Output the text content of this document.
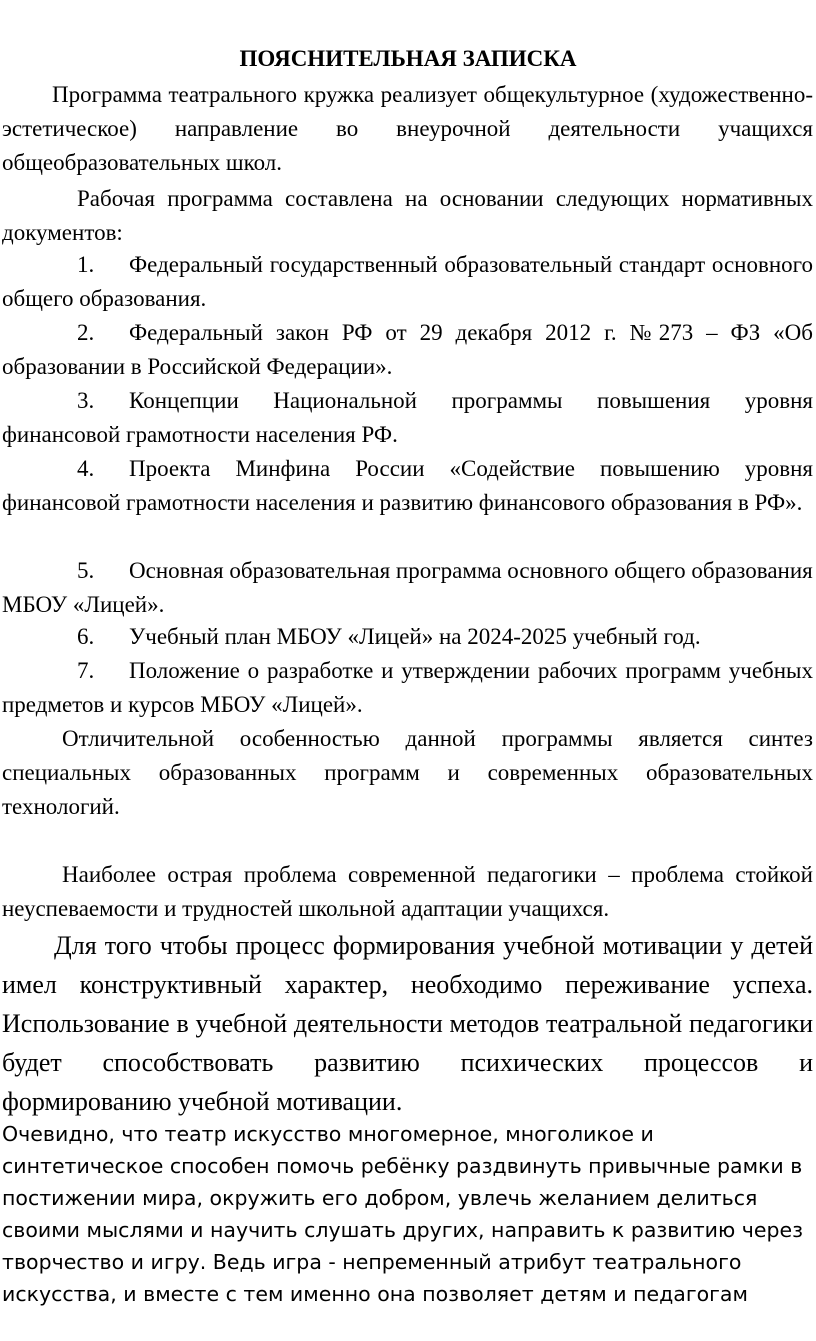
ПОЯСНИТЕЛЬНАЯ ЗАПИСКА
Программа театрального кружка реализует общекультурное (художественно-эстетическое) направление во внеурочной деятельности учащихся общеобразовательных школ.
Рабочая программа составлена на основании следующих нормативных документов:
1. Федеральный государственный образовательный стандарт основного общего образования.
2. Федеральный закон РФ от 29 декабря 2012 г. №273 – ФЗ «Об образовании в Российской Федерации».
3. Концепции Национальной программы повышения уровня финансовой грамотности населения РФ.
4. Проекта Минфина России «Содействие повышению уровня финансовой грамотности населения и развитию финансового образования в РФ».
5. Основная образовательная программа основного общего образования МБОУ «Лицей».
6. Учебный план МБОУ «Лицей» на 2024-2025 учебный год.
7. Положение о разработке и утверждении рабочих программ учебных предметов и курсов МБОУ «Лицей».
Отличительной особенностью данной программы является синтез специальных образованных программ и современных образовательных технологий.
Наиболее острая проблема современной педагогики – проблема стойкой неуспеваемости и трудностей школьной адаптации учащихся.
Для того чтобы процесс формирования учебной мотивации у детей имел конструктивный характер, необходимо переживание успеха. Использование в учебной деятельности методов театральной педагогики будет способствовать развитию психических процессов и формированию учебной мотивации.
Очевидно, что театр искусство многомерное, многоликое и синтетическое способен помочь ребёнку раздвинуть привычные рамки в постижении мира, окружить его добром, увлечь желанием делиться своими мыслями и научить слушать других, направить к развитию через творчество и игру. Ведь игра - непременный атрибут театрального искусства, и вместе с тем именно она позволяет детям и педагогам
